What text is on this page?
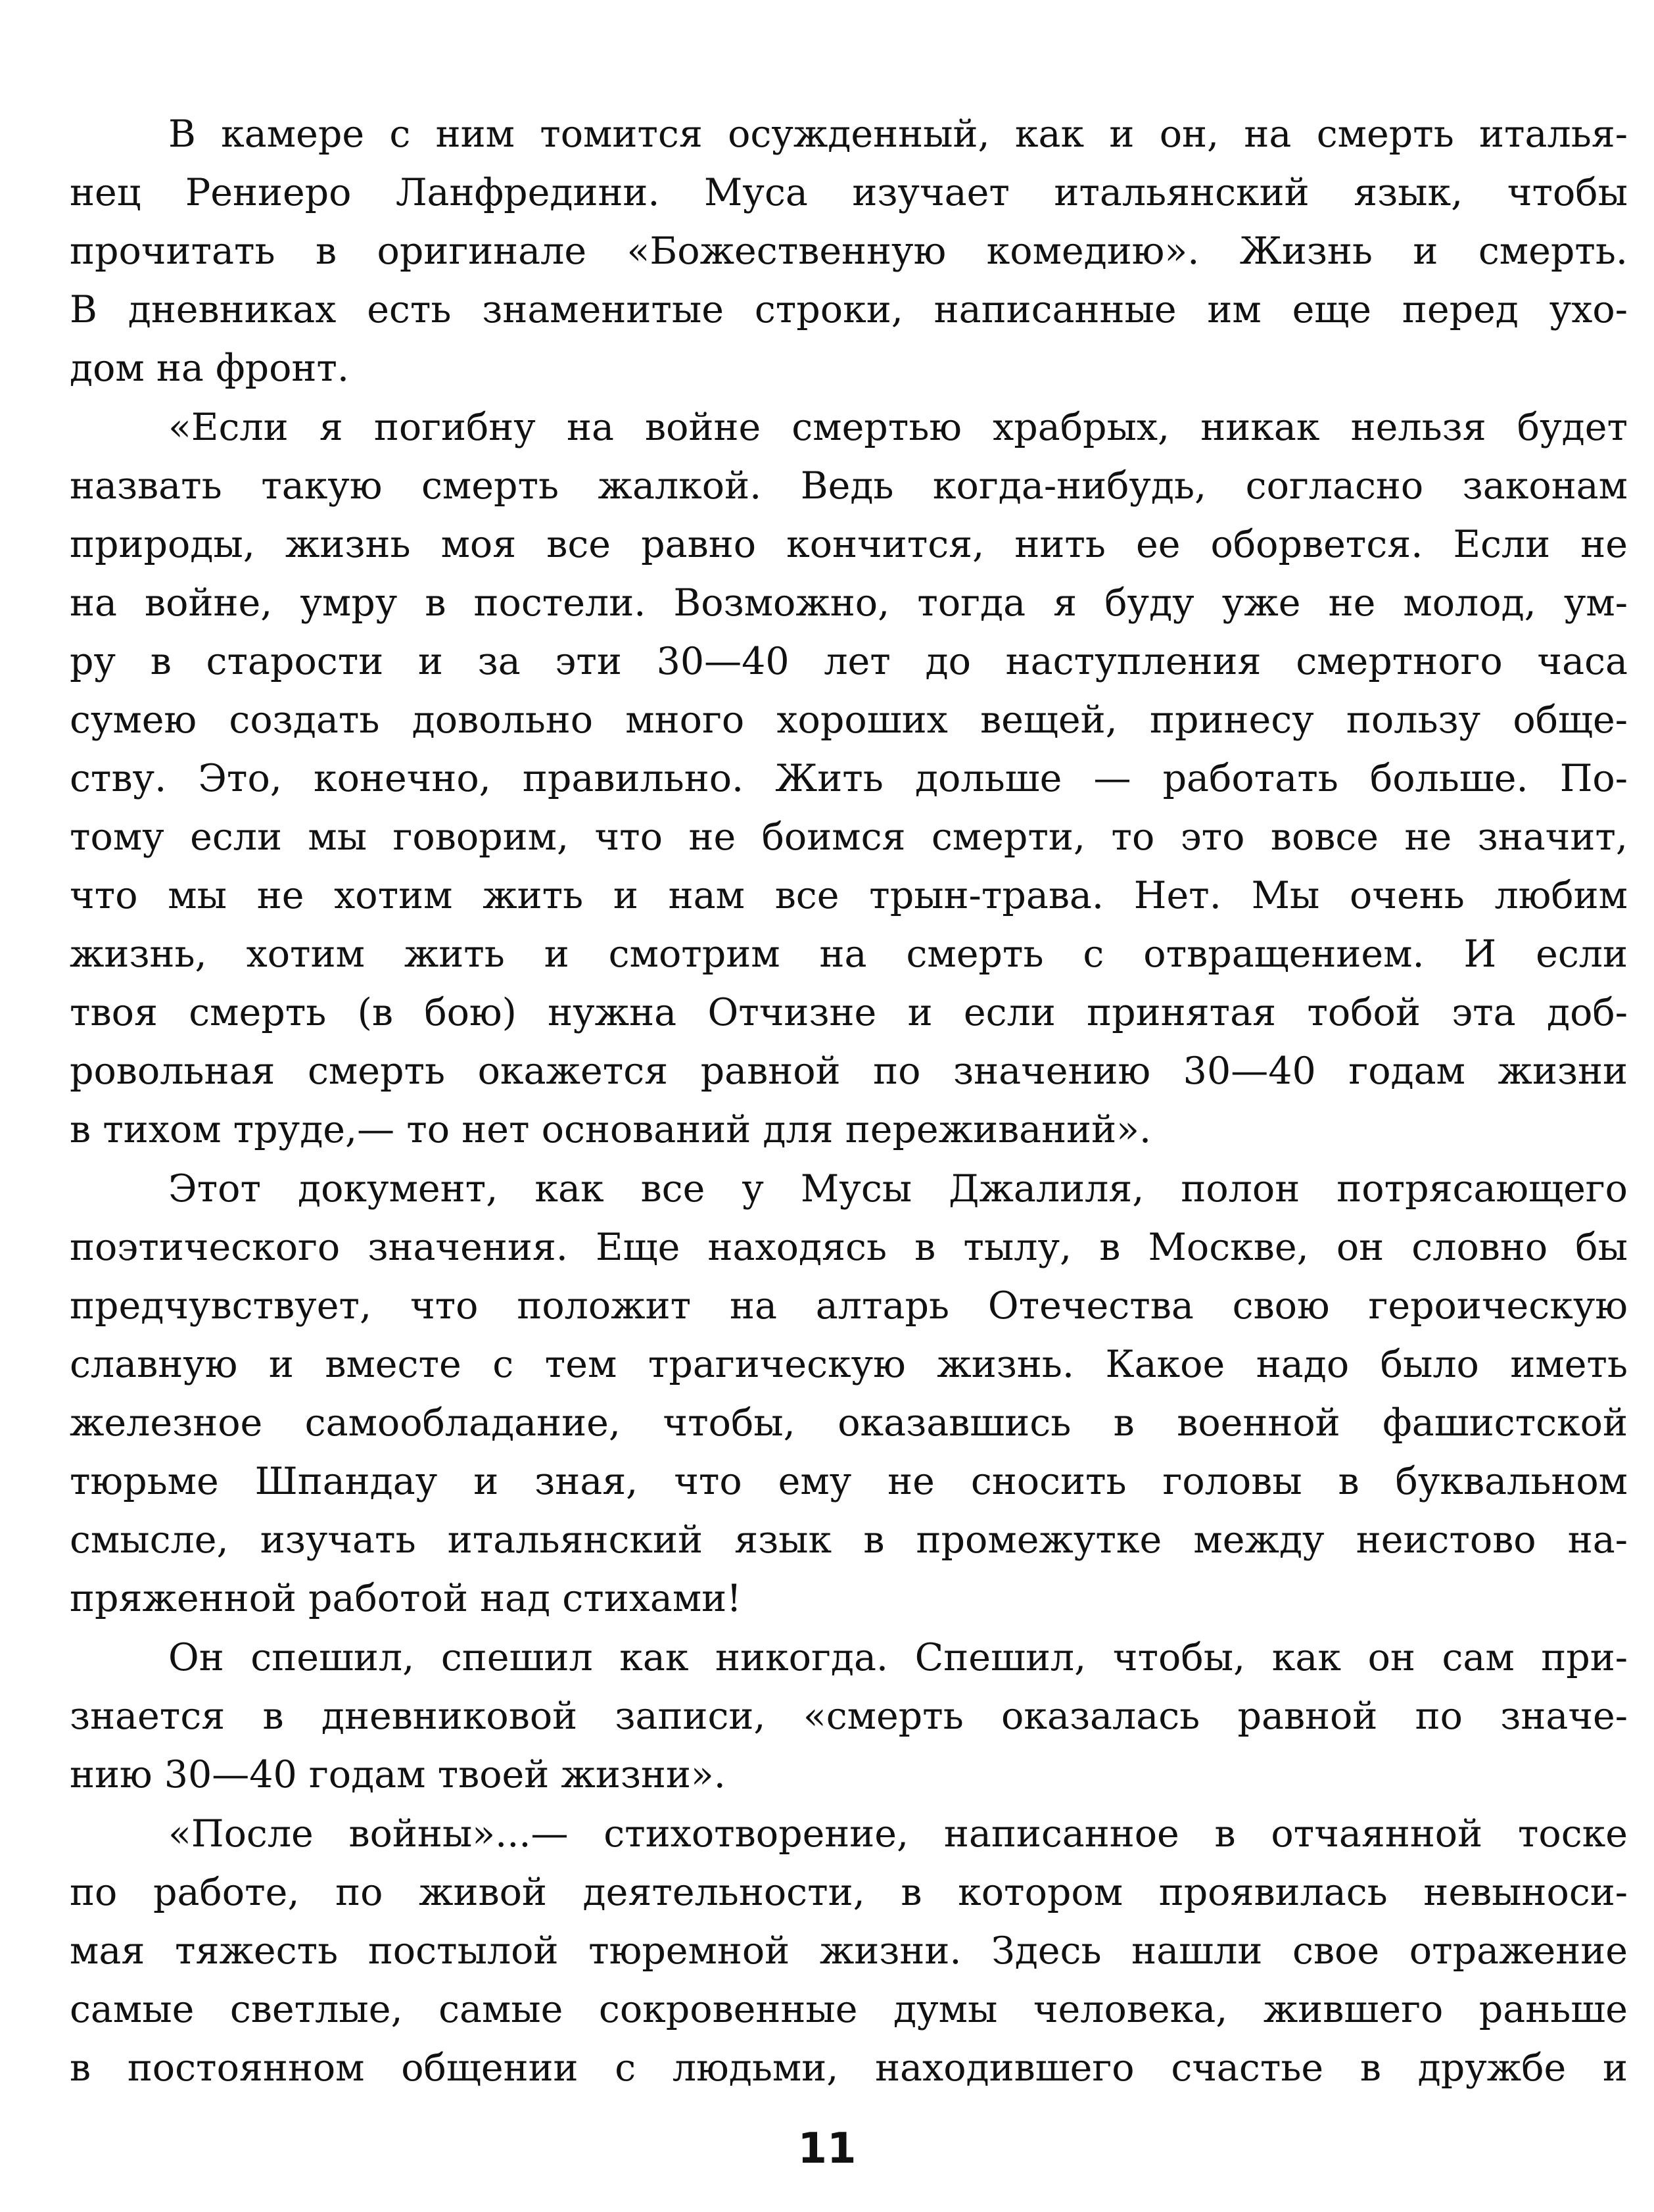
В камере с ним томится осужденный, как и он, на смерть италья-
нец Рениеро Ланфредини. Муса изучает итальянский язык, чтобы
прочитать в оригинале «Божественную комедию». Жизнь и смерть.
В дневниках есть знаменитые строки, написанные им еще перед ухо-
дом на фронт.
«Если я погибну на войне смертью храбрых, никак нельзя будет
назвать такую смерть жалкой. Ведь когда-нибудь, согласно законам
природы, жизнь моя все равно кончится, нить ее оборвется. Если не
на войне, умру в постели. Возможно, тогда я буду уже не молод, ум-
ру в старости и за эти 30—40 лет до наступления смертного часа
сумею создать довольно много хороших вещей, принесу пользу обще-
ству. Это, конечно, правильно. Жить дольше — работать больше. По-
тому если мы говорим, что не боимся смерти, то это вовсе не значит,
что мы не хотим жить и нам все трын-трава. Нет. Мы очень любим
жизнь, хотим жить и смотрим на смерть с отвращением. И если
твоя смерть (в бою) нужна Отчизне и если принятая тобой эта доб-
ровольная смерть окажется равной по значению 30—40 годам жизни
в тихом труде,— то нет оснований для переживаний».
Этот документ, как все у Мусы Джалиля, полон потрясающего
поэтического значения. Еще находясь в тылу, в Москве, он словно бы
предчувствует, что положит на алтарь Отечества свою героическую
славную и вместе с тем трагическую жизнь. Какое надо было иметь
железное самообладание, чтобы, оказавшись в военной фашистской
тюрьме Шпандау и зная, что ему не сносить головы в буквальном
смысле, изучать итальянский язык в промежутке между неистово на-
пряженной работой над стихами!
Он спешил, спешил как никогда. Спешил, чтобы, как он сам при-
знается в дневниковой записи, «смерть оказалась равной по значе-
нию 30—40 годам твоей жизни».
«После войны»...— стихотворение, написанное в отчаянной тоске
по работе, по живой деятельности, в котором проявилась невыноси-
мая тяжесть постылой тюремной жизни. Здесь нашли свое отражение
самые светлые, самые сокровенные думы человека, жившего раньше
в постоянном общении с людьми, находившего счастье в дружбе и
11
